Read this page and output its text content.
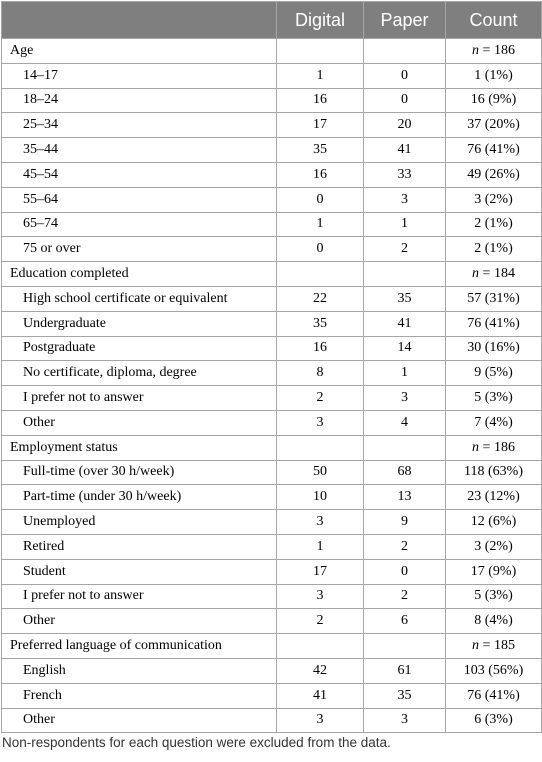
	Digital	Paper	Count
Age			n = 186
14–17	1	0	1 (1%)
18–24	16	0	16 (9%)
25–34	17	20	37 (20%)
35–44	35	41	76 (41%)
45–54	16	33	49 (26%)
55–64	0	3	3 (2%)
65–74	1	1	2 (1%)
75 or over	0	2	2 (1%)
Education completed			n = 184
High school certificate or equivalent	22	35	57 (31%)
Undergraduate	35	41	76 (41%)
Postgraduate	16	14	30 (16%)
No certificate, diploma, degree	8	1	9 (5%)
I prefer not to answer	2	3	5 (3%)
Other	3	4	7 (4%)
Employment status			n = 186
Full-time (over 30 h/week)	50	68	118 (63%)
Part-time (under 30 h/week)	10	13	23 (12%)
Unemployed	3	9	12 (6%)
Retired	1	2	3 (2%)
Student	17	0	17 (9%)
I prefer not to answer	3	2	5 (3%)
Other	2	6	8 (4%)
Preferred language of communication			n = 185
English	42	61	103 (56%)
French	41	35	76 (41%)
Other	3	3	6 (3%)
Non-respondents for each question were excluded from the data.
